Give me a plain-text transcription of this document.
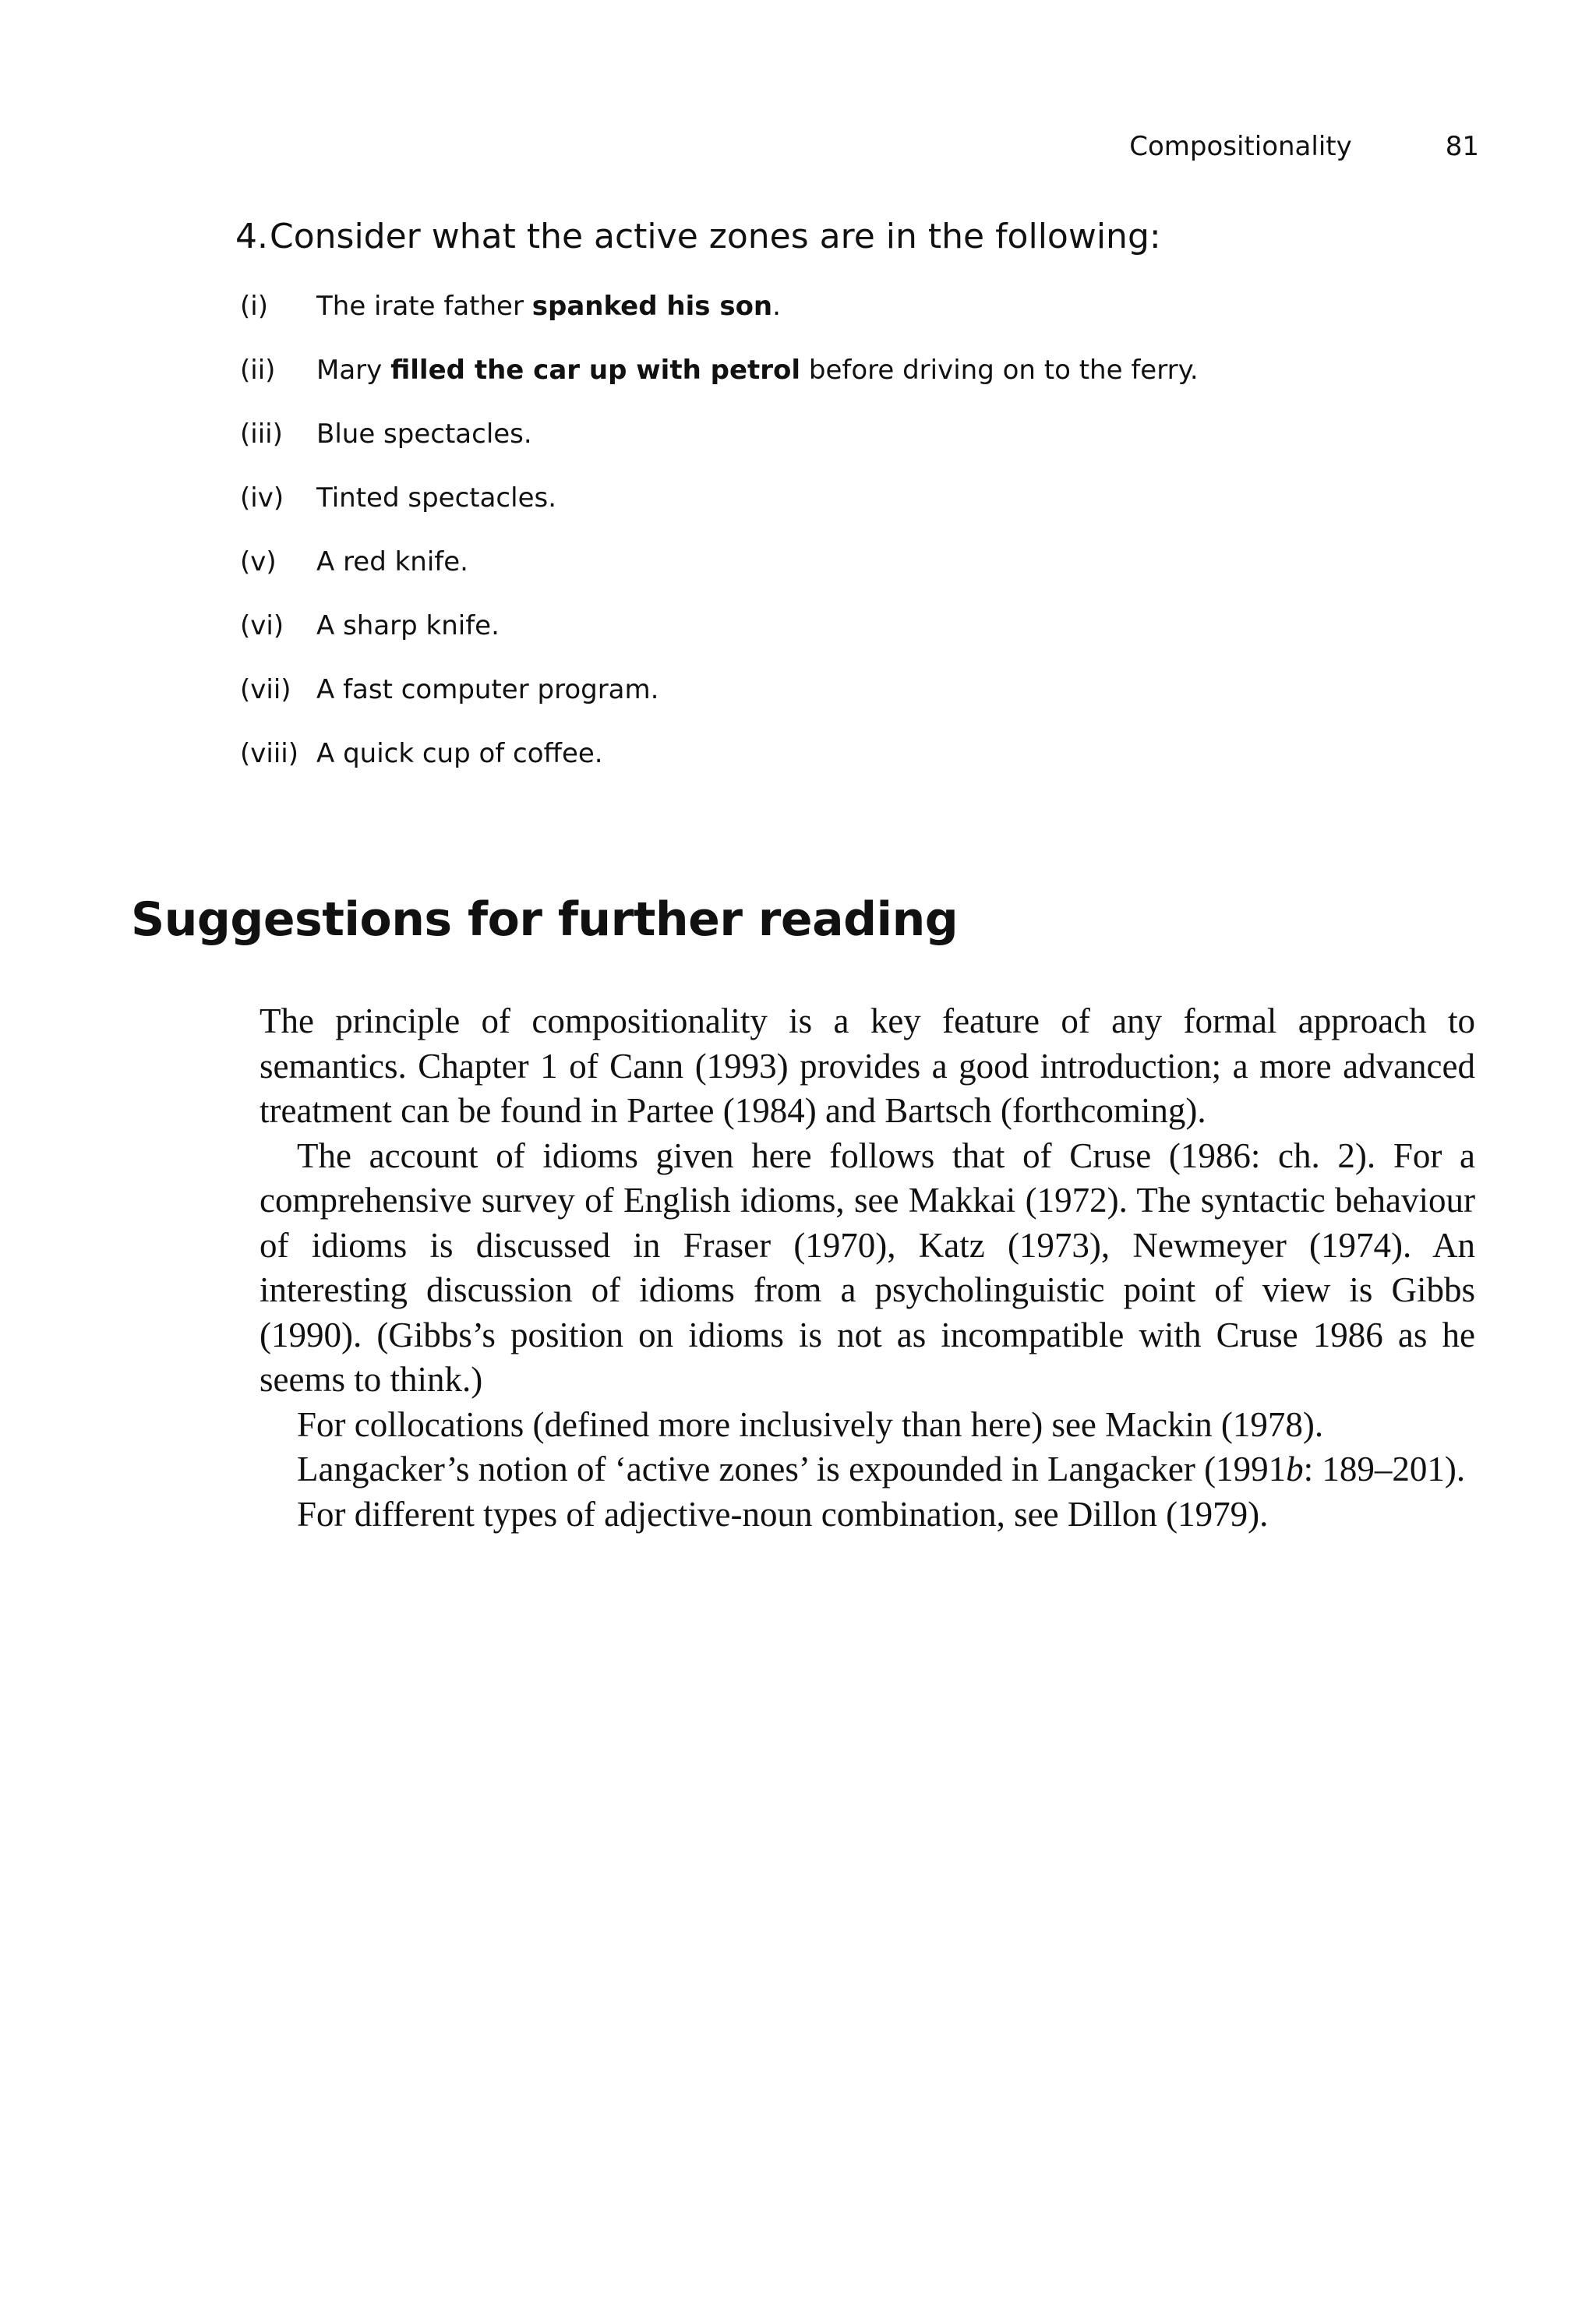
Compositionality	81
4. Consider what the active zones are in the following:
(i)	The irate father spanked his son.
(ii)	Mary filled the car up with petrol before driving on to the ferry.
(iii)	Blue spectacles.
(iv)	Tinted spectacles.
(v)	A red knife.
(vi)	A sharp knife.
(vii) A fast computer program.
(viii) A quick cup of coffee.
Suggestions for further reading

The principle of compositionality is a key feature of any formal approach to semantics. Chapter 1 of Cann (1993) provides a good introduction; a more advanced treatment can be found in Partee (1984) and Bartsch (forthcoming).

The account of idioms given here follows that of Cruse (1986: ch. 2). For a comprehensive survey of English idioms, see Makkai (1972). The syntactic behaviour of idioms is discussed in Fraser (1970), Katz (1973), Newmeyer (1974). An interesting discussion of idioms from a psycholinguistic point of view is Gibbs (1990). (Gibbs’s position on idioms is not as incompatible with Cruse 1986 as he seems to think.)

For collocations (defined more inclusively than here) see Mackin (1978).

Langacker’s notion of ‘active zones’ is expounded in Langacker (1991b: 189–201).

For different types of adjective-noun combination, see Dillon (1979).
